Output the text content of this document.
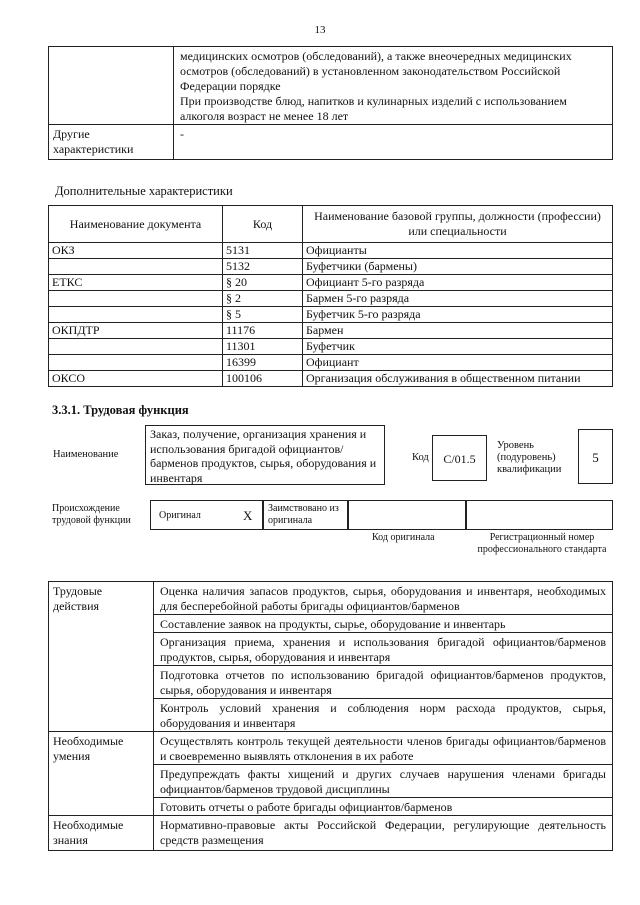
13

	медицинских осмотров (обследований), а также внеочередных медицинских
осмотров (обследований) в установленном законодательством Российской
Федерации порядке
При производстве блюд, напитков и кулинарных изделий с использованием
алкоголя возраст не менее 18 лет

Другие характеристики	-
Дополнительные характеристики
Наименование документа	Код	Наименование базовой группы, должности (профессии) или специальности
ОКЗ	5131	Официанты
	5132	Буфетчики (бармены)
ЕТКС	§ 20	Официант 5-го разряда
	§ 2	Бармен 5-го разряда
	§ 5	Буфетчик 5-го разряда
ОКПДТР	11176	Бармен
	11301	Буфетчик
	16399	Официант
ОКСО	100106	Организация обслуживания в общественном питании
3.3.1. Трудовая функция
Наименование
Заказ, получение, организация хранения и использования бригадой официантов/барменов продуктов, сырья, оборудования и инвентаря
Код	C/01.5
Уровень (подуровень) квалификации
5
Происхождение трудовой функции	Оригинал	X	Заимствовано из оригинала
Код оригинала	Регистрационный номер профессионального стандарта
Трудовые действия	Оценка наличия запасов продуктов, сырья, оборудования и инвентаря, необходимых для бесперебойной работы бригады официантов/барменов
	Составление заявок на продукты, сырье, оборудование и инвентарь
	Организация приема, хранения и использования бригадой официантов/барменов продуктов, сырья, оборудования и инвентаря
	Подготовка отчетов по использованию бригадой официантов/барменов продуктов, сырья, оборудования и инвентаря
	Контроль условий хранения и соблюдения норм расхода продуктов, сырья, оборудования и инвентаря
Необходимые умения	Осуществлять контроль текущей деятельности членов бригады официантов/барменов и своевременно выявлять отклонения в их работе
	Предупреждать факты хищений и других случаев нарушения членами бригады официантов/барменов трудовой дисциплины
	Готовить отчеты о работе бригады официантов/барменов
Необходимые знания	Нормативно-правовые акты Российской Федерации, регулирующие деятельность средств размещения
